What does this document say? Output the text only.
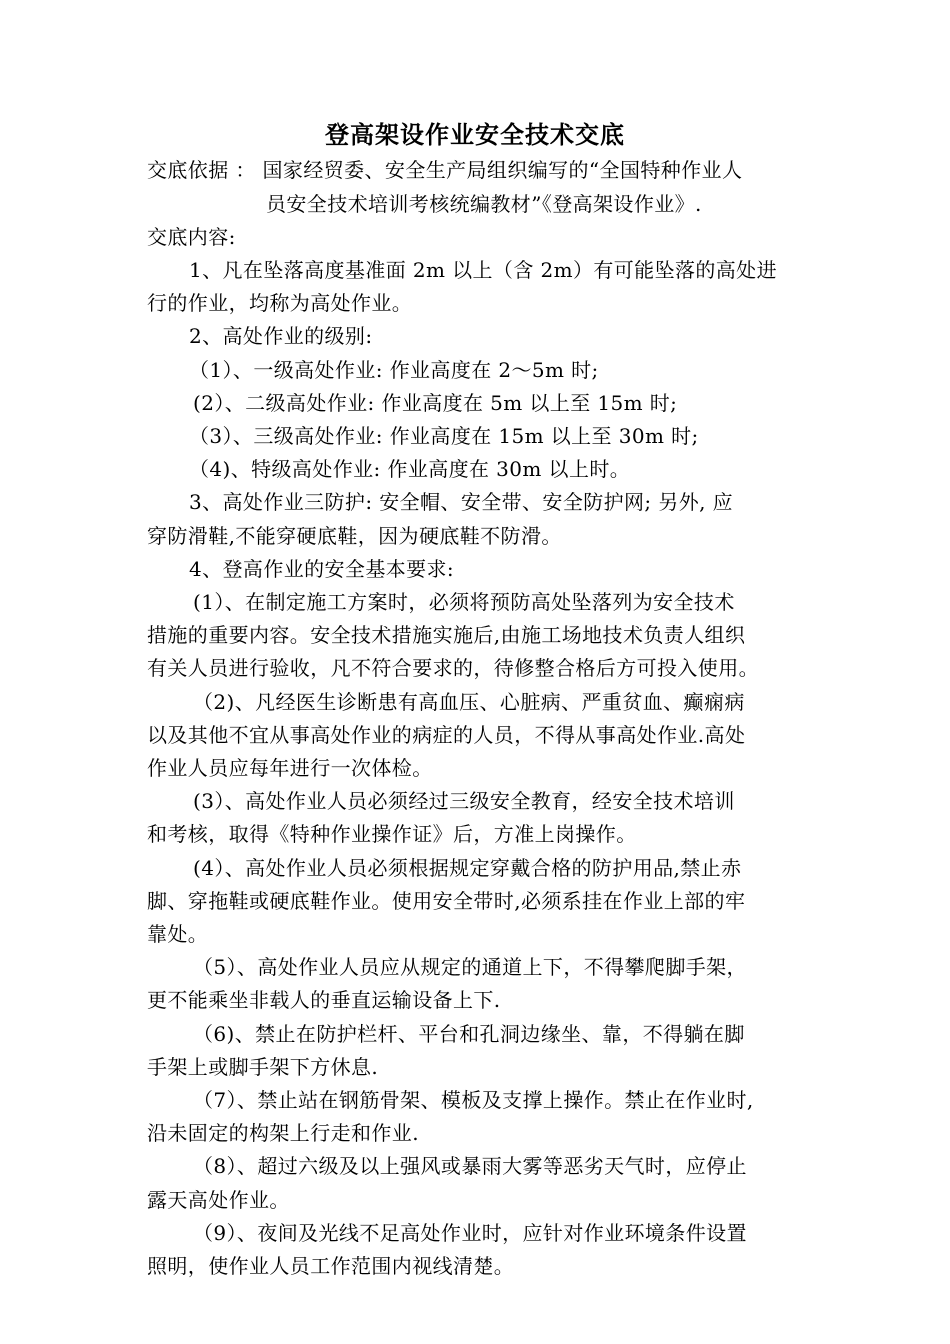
登高架设作业安全技术交底
交底依据 ： 国家经贸委、安全生产局组织编写的“全国特种作业人
员安全技术培训考核统编教材”《登高架设作业》.
交底内容:
1、凡在坠落高度基准面 2m 以上（含 2m）有可能坠落的高处进
行的作业，均称为高处作业。
2、高处作业的级别:
（1）、一级高处作业: 作业高度在 2～5m 时;
(2）、二级高处作业: 作业高度在 5m 以上至 15m 时;
（3）、三级高处作业: 作业高度在 15m 以上至 30m 时;
（4)、特级高处作业: 作业高度在 30m 以上时。
3、高处作业三防护: 安全帽、安全带、安全防护网; 另外, 应
穿防滑鞋,不能穿硬底鞋，因为硬底鞋不防滑。
4、登高作业的安全基本要求:
(1）、在制定施工方案时，必须将预防高处坠落列为安全技术
措施的重要内容。安全技术措施实施后,由施工场地技术负责人组织
有关人员进行验收，凡不符合要求的，待修整合格后方可投入使用。
（2)、凡经医生诊断患有高血压、心脏病、严重贫血、癫痫病
以及其他不宜从事高处作业的病症的人员，不得从事高处作业.高处
作业人员应每年进行一次体检。
(3）、高处作业人员必须经过三级安全教育，经安全技术培训
和考核，取得《特种作业操作证》后，方准上岗操作。
(4）、高处作业人员必须根据规定穿戴合格的防护用品,禁止赤
脚、穿拖鞋或硬底鞋作业。使用安全带时,必须系挂在作业上部的牢
靠处。
（5）、高处作业人员应从规定的通道上下，不得攀爬脚手架，
更不能乘坐非载人的垂直运输设备上下.
（6)、禁止在防护栏杆、平台和孔洞边缘坐、靠，不得躺在脚
手架上或脚手架下方休息.
（7）、禁止站在钢筋骨架、模板及支撑上操作。禁止在作业时,
沿未固定的构架上行走和作业.
（8）、超过六级及以上强风或暴雨大雾等恶劣天气时，应停止
露天高处作业。
（9）、夜间及光线不足高处作业时，应针对作业环境条件设置
照明，使作业人员工作范围内视线清楚。
